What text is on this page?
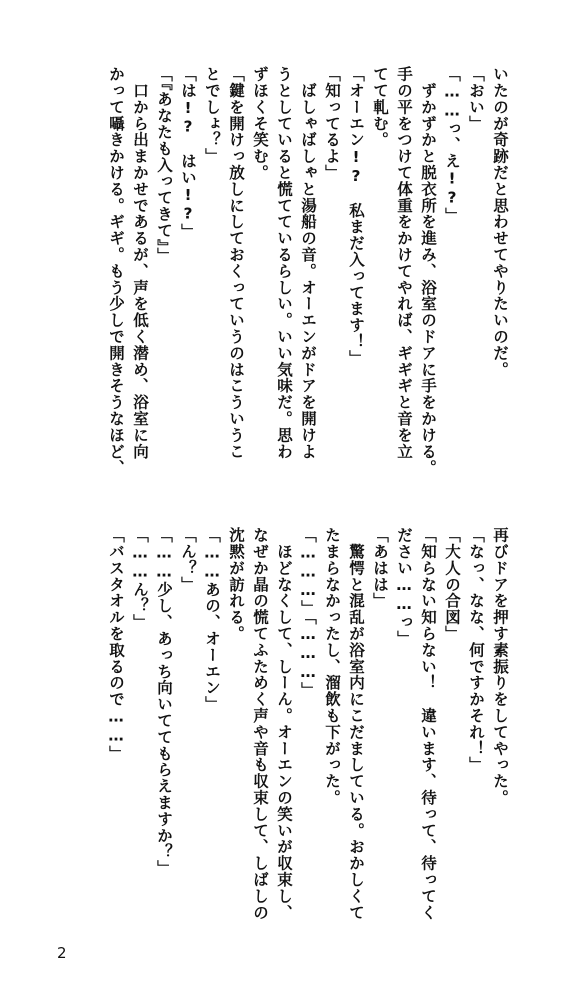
いたのが奇跡だと思わせてやりたいのだ。
「おい」
「……っ、え!?」
　ずかずかと脱衣所を進み、浴室のドアに手をかける。
手の平をつけて体重をかけてやれば、ギギギと音を立
てて軋む。
「オーエン!?　私まだ入ってます！」
「知ってるよ」
　ばしゃばしゃと湯船の音。オーエンがドアを開けよ
うとしていると慌てているらしい。いい気味だ。思わ
ずほくそ笑む。
「鍵を開けっ放しにしておくっていうのはこういうこ
とでしょ？」
「は!?　はい!?」
「『あなたも入ってきて』」
　口から出まかせであるが、声を低く潜め、浴室に向
かって囁きかける。ギギ。もう少しで開きそうなほど、
再びドアを押す素振りをしてやった。
「なっ、なな、何ですかそれ！」
「大人の合図」
「知らない知らない！　違います、待って、待ってく
ださい……っ」
「あはは」
　驚愕と混乱が浴室内にこだましている。おかしくて
たまらなかったし、溜飲も下がった。
「………」「………」
　ほどなくして、しーん。オーエンの笑いが収束し、
なぜか晶の慌てふためく声や音も収束して、しばしの
沈黙が訪れる。
「……あの、オーエン」
「ん？」
「……少し、あっち向いててもらえますか？」
「……ん？」
「バスタオルを取るので……」
2
